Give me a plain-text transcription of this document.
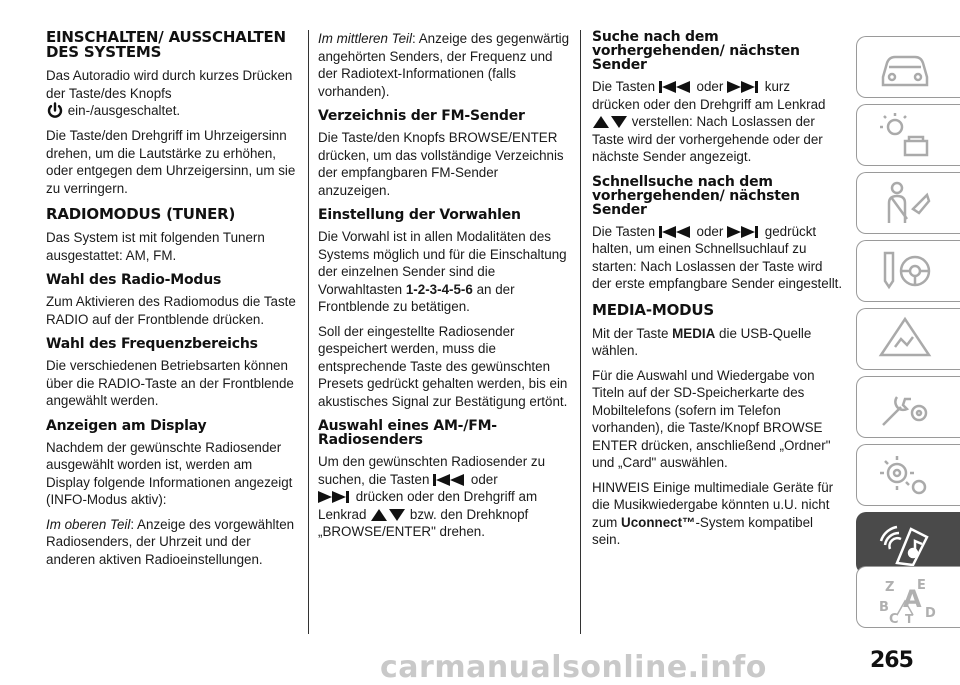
EINSCHALTEN/ AUSSCHALTEN DES SYSTEMS

Das Autoradio wird durch kurzes Drücken der Taste/des Knopfs
ein-/ausgeschaltet.

Die Taste/den Drehgriff im Uhrzeigersinn drehen, um die Lautstärke zu erhöhen, oder entgegen dem Uhrzeigersinn, um sie zu verringern.

RADIOMODUS (TUNER)

Das System ist mit folgenden Tunern ausgestattet: AM, FM.

Wahl des Radio-Modus

Zum Aktivieren des Radiomodus die Taste RADIO auf der Frontblende drücken.

Wahl des Frequenzbereichs

Die verschiedenen Betriebsarten können über die RADIO-Taste an der Frontblende angewählt werden.

Anzeigen am Display

Nachdem der gewünschte Radiosender ausgewählt worden ist, werden am Display folgende Informationen angezeigt (INFO-Modus aktiv):

Im oberen Teil: Anzeige des vorgewählten Radiosenders, der Uhrzeit und der anderen aktiven Radioeinstellungen.

Im mittleren Teil: Anzeige des gegenwärtig angehörten Senders, der Frequenz und der Radiotext-Informationen (falls vorhanden).

Verzeichnis der FM-Sender

Die Taste/den Knopfs BROWSE/ENTER drücken, um das vollständige Verzeichnis der empfangbaren FM-Sender anzuzeigen.

Einstellung der Vorwahlen

Die Vorwahl ist in allen Modalitäten des Systems möglich und für die Einschaltung der einzelnen Sender sind die Vorwahltasten 1-2-3-4-5-6 an der Frontblende zu betätigen.

Soll der eingestellte Radiosender gespeichert werden, muss die entsprechende Taste des gewünschten Presets gedrückt gehalten werden, bis ein akustisches Signal zur Bestätigung ertönt.

Auswahl eines AM-/FM-Radiosenders

Um den gewünschten Radiosender zu suchen, die Tasten	oder
drücken oder den Drehgriff am
Lenkrad	bzw. den Drehknopf „BROWSE/ENTER" drehen.

Suche nach dem vorhergehenden/ nächsten Sender

Die Tasten	oder	kurz
drücken oder den Drehgriff am Lenkrad
verstellen: Nach Loslassen der Taste wird der vorhergehende oder der nächste Sender angezeigt.

Schnellsuche nach dem vorhergehenden/ nächsten Sender

Die Tasten	oder	gedrückt halten, um einen Schnellsuchlauf zu starten: Nach Loslassen der Taste wird der erste empfangbare Sender eingestellt.

MEDIA-MODUS

Mit der Taste MEDIA die USB-Quelle wählen.

Für die Auswahl und Wiedergabe von Titeln auf der SD-Speicherkarte des Mobiltelefons (sofern im Telefon vorhanden), die Taste/Knopf BROWSE ENTER drücken, anschließend „Ordner" und „Card" auswählen.

HINWEIS Einige multimediale Geräte für die Musikwiedergabe könnten u.U. nicht zum Uconnect™-System kompatibel sein.

Z E
B A
C T D
carmanualsonline.info	265
